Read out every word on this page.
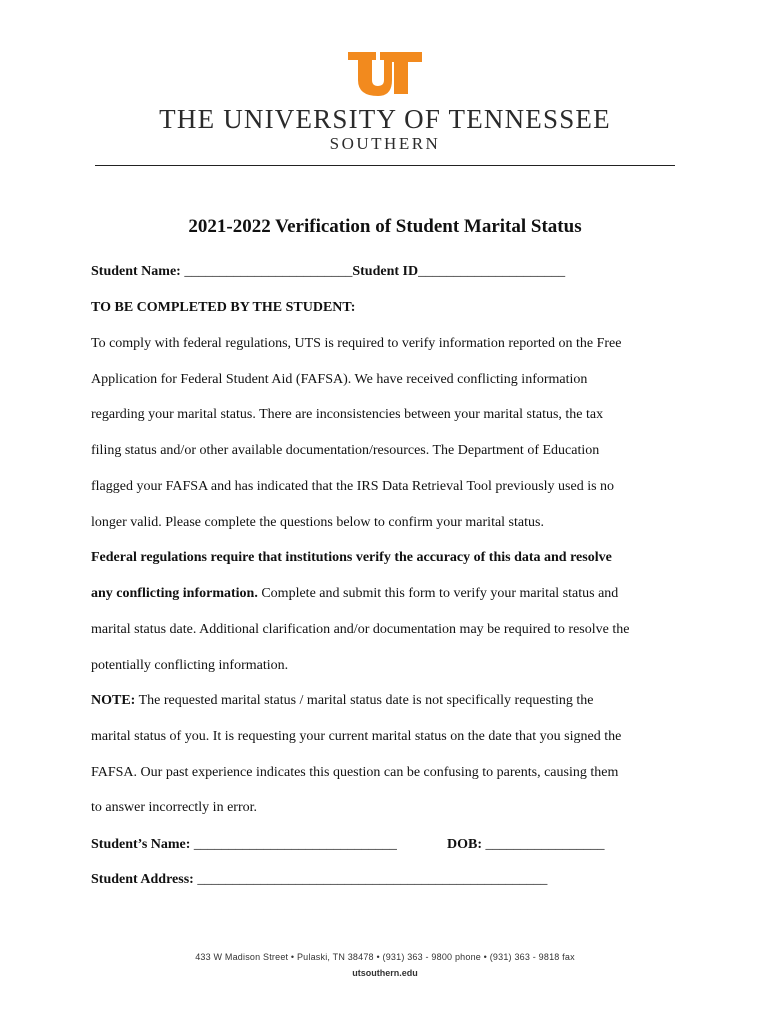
THE UNIVERSITY OF TENNESSEE
SOUTHERN
2021-2022 Verification of Student Marital Status
Student Name: ________________________Student ID_____________________
TO BE COMPLETED BY THE STUDENT:
To comply with federal regulations, UTS is required to verify information reported on the Free
Application for Federal Student Aid (FAFSA). We have received conflicting information
regarding your marital status. There are inconsistencies between your marital status, the tax
filing status and/or other available documentation/resources. The Department of Education
flagged your FAFSA and has indicated that the IRS Data Retrieval Tool previously used is no
longer valid. Please complete the questions below to confirm your marital status.
Federal regulations require that institutions verify the accuracy of this data and resolve
any conflicting information. Complete and submit this form to verify your marital status and
marital status date. Additional clarification and/or documentation may be required to resolve the
potentially conflicting information.
NOTE: The requested marital status / marital status date is not specifically requesting the
marital status of you. It is requesting your current marital status on the date that you signed the
FAFSA. Our past experience indicates this question can be confusing to parents, causing them
to answer incorrectly in error.
Student’s Name: _____________________________	DOB: _________________
Student Address: __________________________________________________
433 W Madison Street • Pulaski, TN 38478 • (931) 363 - 9800 phone • (931) 363 - 9818 fax
utsouthern.edu
